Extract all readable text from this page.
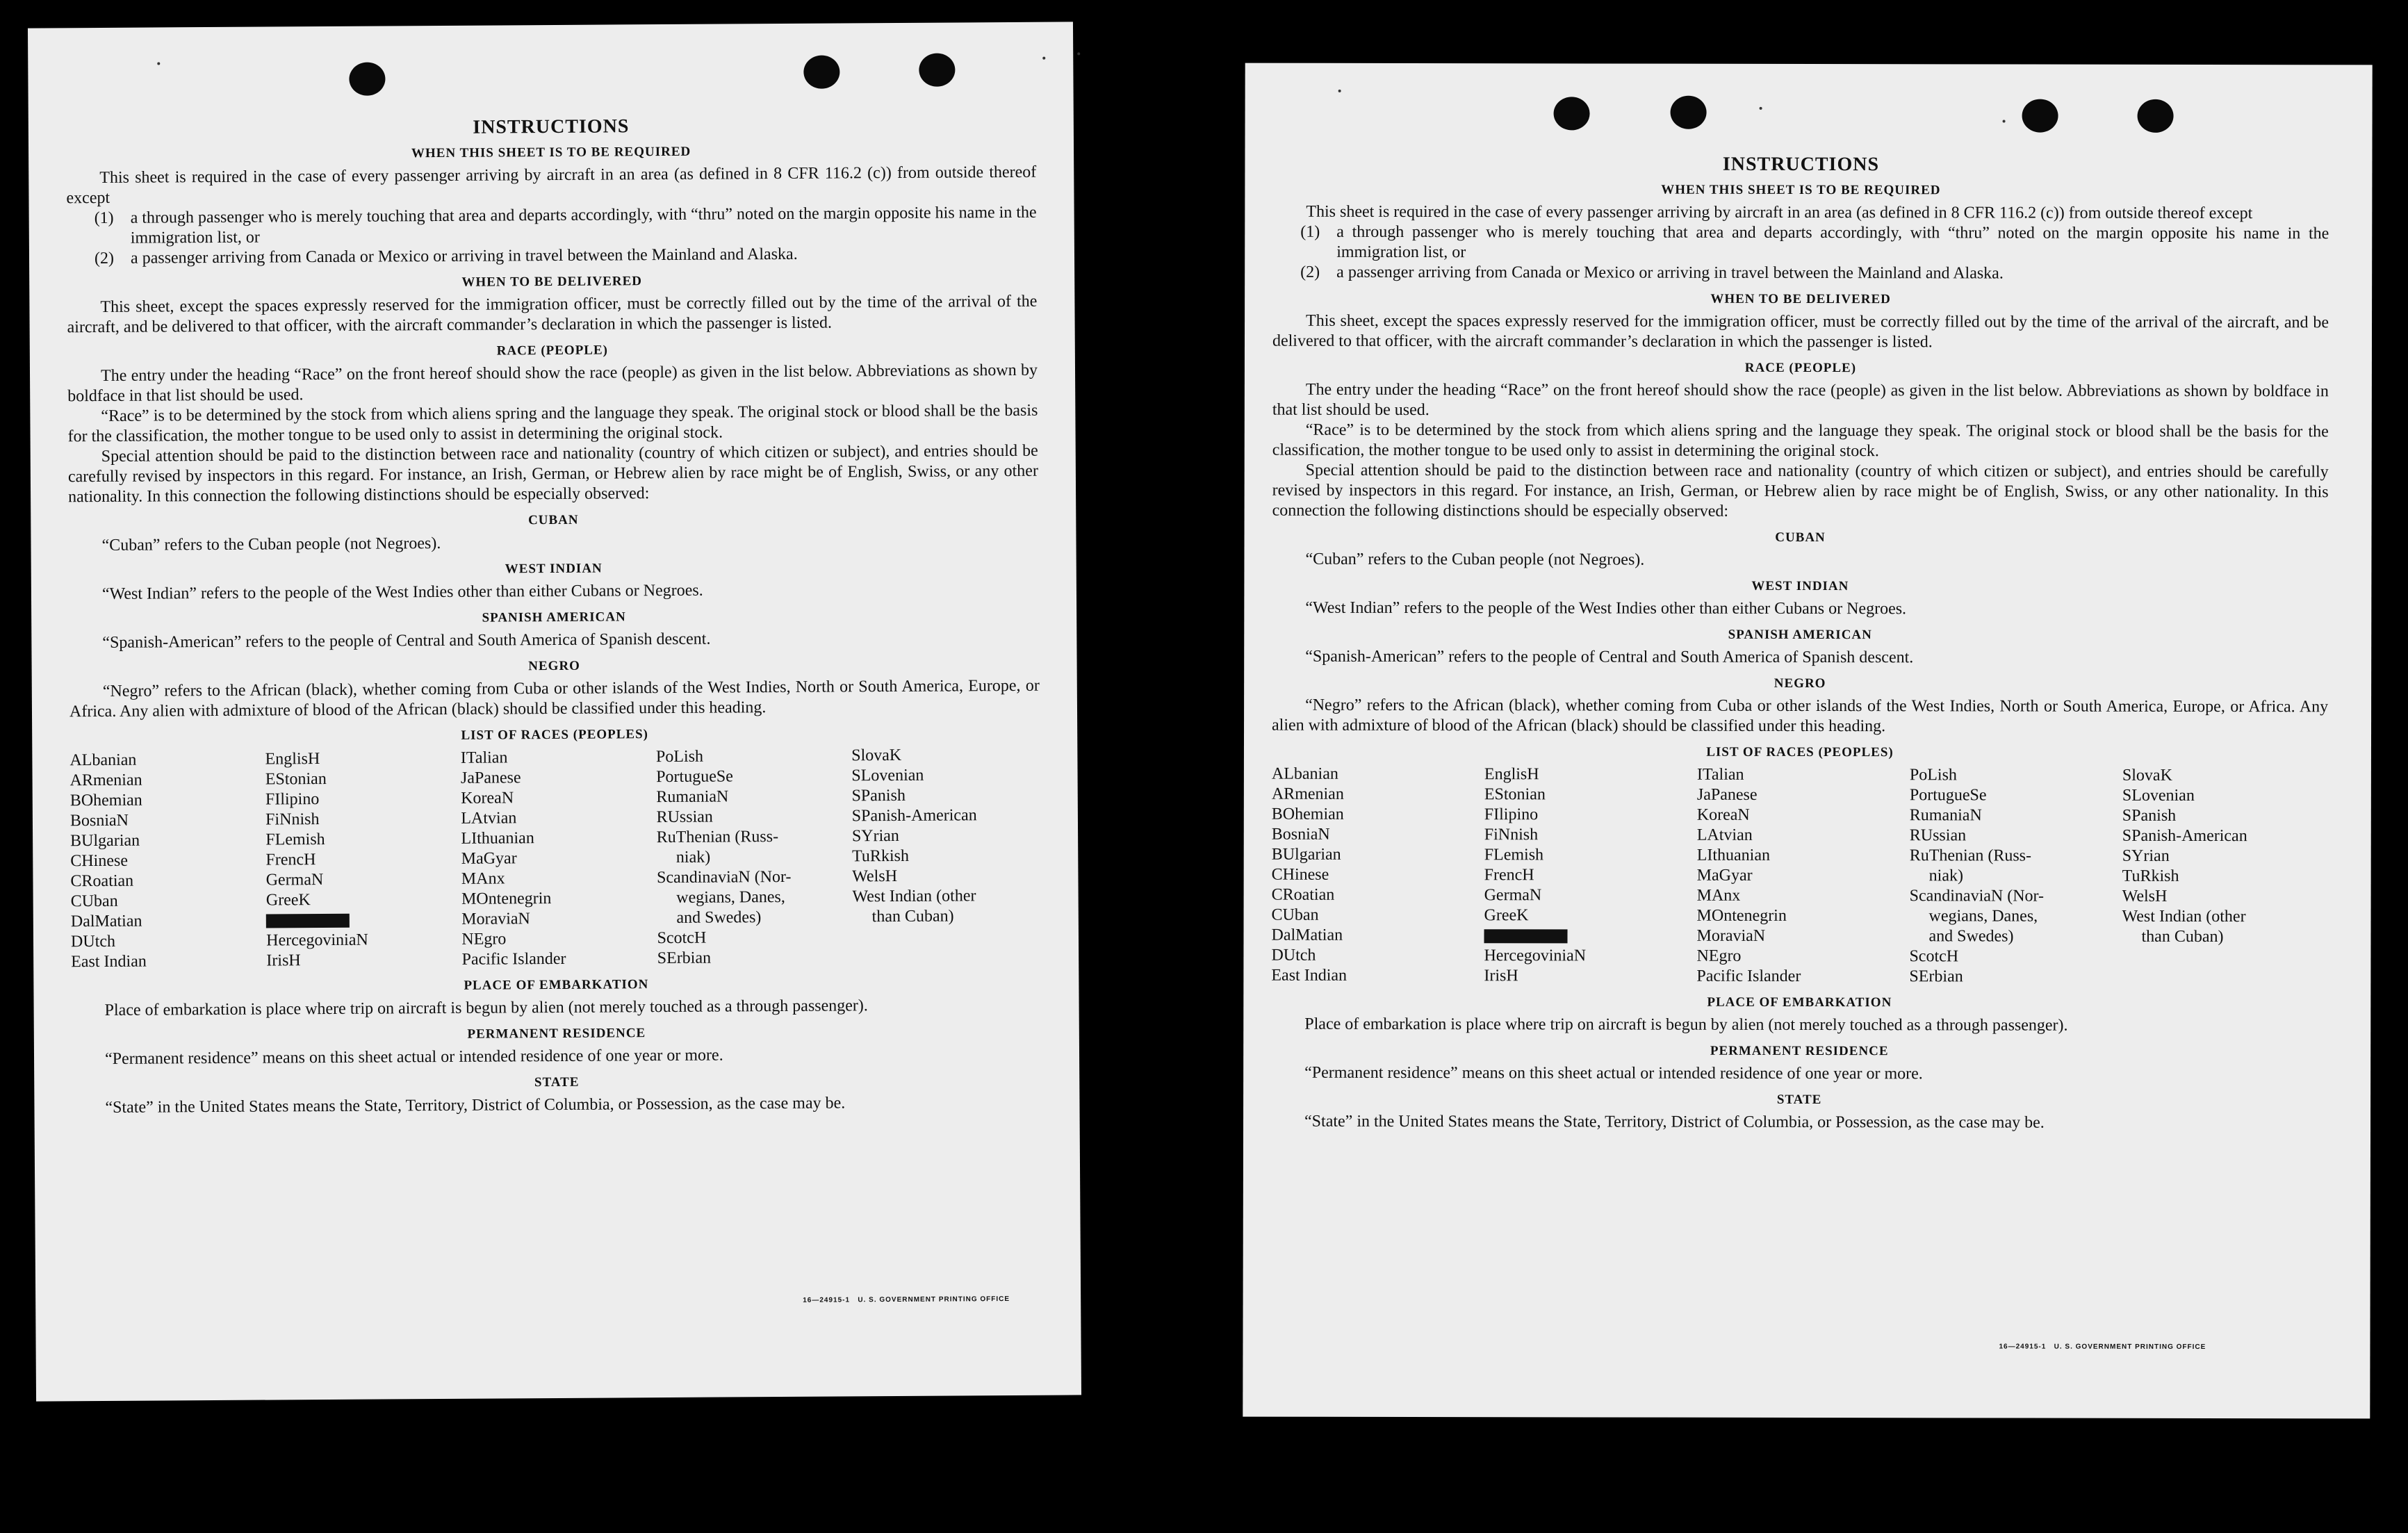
INSTRUCTIONS
WHEN THIS SHEET IS TO BE REQUIRED

This sheet is required in the case of every passenger arriving by aircraft in an area (as defined in 8 CFR 116.2 (c)) from outside thereof except

(1) a through passenger who is merely touching that area and departs accordingly, with “thru” noted on the margin opposite his name in the immigration list, or
(2) a passenger arriving from Canada or Mexico or arriving in travel between the Mainland and Alaska.
WHEN TO BE DELIVERED

This sheet, except the spaces expressly reserved for the immigration officer, must be correctly filled out by the time of the arrival of the aircraft, and be delivered to that officer, with the aircraft commander’s declaration in which the passenger is listed.

RACE (PEOPLE)

The entry under the heading “Race” on the front hereof should show the race (people) as given in the list below. Abbreviations as shown by boldface in that list should be used.

“Race” is to be determined by the stock from which aliens spring and the language they speak. The original stock or blood shall be the basis for the classification, the mother tongue to be used only to assist in determining the original stock.

Special attention should be paid to the distinction between race and nationality (country of which citizen or subject), and entries should be carefully revised by inspectors in this regard. For instance, an Irish, German, or Hebrew alien by race might be of English, Swiss, or any other nationality. In this connection the following distinctions should be especially observed:

CUBAN

“Cuban” refers to the Cuban people (not Negroes).

WEST INDIAN

“West Indian” refers to the people of the West Indies other than either Cubans or Negroes.

SPANISH AMERICAN

“Spanish-American” refers to the people of Central and South America of Spanish descent.

NEGRO

“Negro” refers to the African (black), whether coming from Cuba or other islands of the West Indies, North or South America, Europe, or Africa. Any alien with admixture of blood of the African (black) should be classified under this heading.

LIST OF RACES (PEOPLES)
ALbanian
ARmenian
BOhemian
BosniaN
BUlgarian
CHinese
CRoatian
CUban
DalMatian
DUtch
East Indian
EnglisH
EStonian
FIlipino
FiNnish
FLemish
FrencH
GermaN
GreeK
HercegoviniaN
IrisH
ITalian
JaPanese
KoreaN
LAtvian
LIthuanian
MaGyar
MAnx
MOntenegrin
MoraviaN
NEgro
Pacific Islander
PoLish
PortugueSe
RumaniaN
RUssian
RuThenian (Russ-
niak)
ScandinaviaN (Nor-
wegians, Danes,
and Swedes)
ScotcH
SErbian
SlovaK
SLovenian
SPanish
SPanish-American
SYrian
TuRkish
WelsH
West Indian (other
than Cuban)
PLACE OF EMBARKATION

Place of embarkation is place where trip on aircraft is begun by alien (not merely touched as a through passenger).

PERMANENT RESIDENCE

“Permanent residence” means on this sheet actual or intended residence of one year or more.

STATE

“State” in the United States means the State, Territory, District of Columbia, or Possession, as the case may be.

16—24915-1 U. S. GOVERNMENT PRINTING OFFICE
INSTRUCTIONS
WHEN THIS SHEET IS TO BE REQUIRED

This sheet is required in the case of every passenger arriving by aircraft in an area (as defined in 8 CFR 116.2 (c)) from outside thereof except

(1) a through passenger who is merely touching that area and departs accordingly, with “thru” noted on the margin opposite his name in the immigration list, or
(2) a passenger arriving from Canada or Mexico or arriving in travel between the Mainland and Alaska.
WHEN TO BE DELIVERED

This sheet, except the spaces expressly reserved for the immigration officer, must be correctly filled out by the time of the arrival of the aircraft, and be delivered to that officer, with the aircraft commander’s declaration in which the passenger is listed.

RACE (PEOPLE)

The entry under the heading “Race” on the front hereof should show the race (people) as given in the list below. Abbreviations as shown by boldface in that list should be used.

“Race” is to be determined by the stock from which aliens spring and the language they speak. The original stock or blood shall be the basis for the classification, the mother tongue to be used only to assist in determining the original stock.

Special attention should be paid to the distinction between race and nationality (country of which citizen or subject), and entries should be carefully revised by inspectors in this regard. For instance, an Irish, German, or Hebrew alien by race might be of English, Swiss, or any other nationality. In this connection the following distinctions should be especially observed:

CUBAN

“Cuban” refers to the Cuban people (not Negroes).

WEST INDIAN

“West Indian” refers to the people of the West Indies other than either Cubans or Negroes.

SPANISH AMERICAN

“Spanish-American” refers to the people of Central and South America of Spanish descent.

NEGRO

“Negro” refers to the African (black), whether coming from Cuba or other islands of the West Indies, North or South America, Europe, or Africa. Any alien with admixture of blood of the African (black) should be classified under this heading.

LIST OF RACES (PEOPLES)
ALbanian
ARmenian
BOhemian
BosniaN
BUlgarian
CHinese
CRoatian
CUban
DalMatian
DUtch
East Indian
EnglisH
EStonian
FIlipino
FiNnish
FLemish
FrencH
GermaN
GreeK
HercegoviniaN
IrisH
ITalian
JaPanese
KoreaN
LAtvian
LIthuanian
MaGyar
MAnx
MOntenegrin
MoraviaN
NEgro
Pacific Islander
PoLish
PortugueSe
RumaniaN
RUssian
RuThenian (Russ-
niak)
ScandinaviaN (Nor-
wegians, Danes,
and Swedes)
ScotcH
SErbian
SlovaK
SLovenian
SPanish
SPanish-American
SYrian
TuRkish
WelsH
West Indian (other
than Cuban)
PLACE OF EMBARKATION

Place of embarkation is place where trip on aircraft is begun by alien (not merely touched as a through passenger).

PERMANENT RESIDENCE

“Permanent residence” means on this sheet actual or intended residence of one year or more.

STATE

“State” in the United States means the State, Territory, District of Columbia, or Possession, as the case may be.

16—24915-1 U. S. GOVERNMENT PRINTING OFFICE
